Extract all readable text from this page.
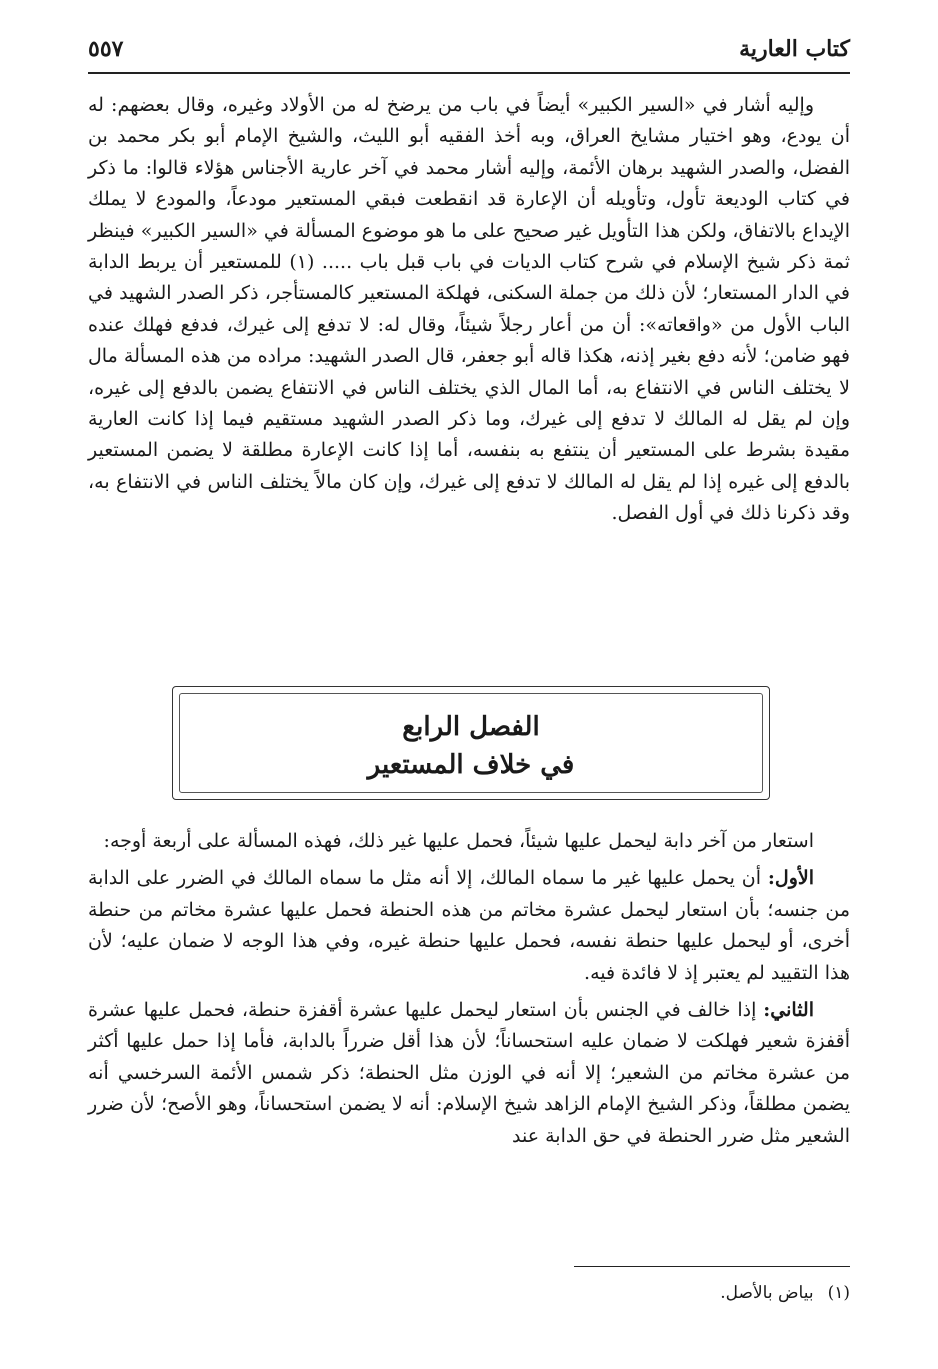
كتاب العارية
٥٥٧

وإليه أشار في «السير الكبير» أيضاً في باب من يرضخ له من الأولاد وغيره، وقال بعضهم: له أن يودع، وهو اختيار مشايخ العراق، وبه أخذ الفقيه أبو الليث، والشيخ الإمام أبو بكر محمد بن الفضل، والصدر الشهيد برهان الأئمة، وإليه أشار محمد في آخر عارية الأجناس هؤلاء قالوا: ما ذكر في كتاب الوديعة تأول، وتأويله أن الإعارة قد انقطعت فبقي المستعير مودعاً، والمودع لا يملك الإيداع بالاتفاق، ولكن هذا التأويل غير صحيح على ما هو موضوع المسألة في «السير الكبير» فينظر ثمة ذكر شيخ الإسلام في شرح كتاب الديات في باب قبل باب ..... (١) للمستعير أن يربط الدابة في الدار المستعار؛ لأن ذلك من جملة السكنى، فهلكة المستعير كالمستأجر، ذكر الصدر الشهيد في الباب الأول من «واقعاته»: أن من أعار رجلاً شيئاً، وقال له: لا تدفع إلى غيرك، فدفع فهلك عنده فهو ضامن؛ لأنه دفع بغير إذنه، هكذا قاله أبو جعفر، قال الصدر الشهيد: مراده من هذه المسألة مال لا يختلف الناس في الانتفاع به، أما المال الذي يختلف الناس في الانتفاع يضمن بالدفع إلى غيره، وإن لم يقل له المالك لا تدفع إلى غيرك، وما ذكر الصدر الشهيد مستقيم فيما إذا كانت العارية مقيدة بشرط على المستعير أن ينتفع به بنفسه، أما إذا كانت الإعارة مطلقة لا يضمن المستعير بالدفع إلى غيره إذا لم يقل له المالك لا تدفع إلى غيرك، وإن كان مالاً يختلف الناس في الانتفاع به، وقد ذكرنا ذلك في أول الفصل.

الفصل الرابع
في خلاف المستعير

استعار من آخر دابة ليحمل عليها شيئاً، فحمل عليها غير ذلك، فهذه المسألة على أربعة أوجه:

الأول: أن يحمل عليها غير ما سماه المالك، إلا أنه مثل ما سماه المالك في الضرر على الدابة من جنسه؛ بأن استعار ليحمل عشرة مخاتم من هذه الحنطة فحمل عليها عشرة مخاتم من حنطة أخرى، أو ليحمل عليها حنطة نفسه، فحمل عليها حنطة غيره، وفي هذا الوجه لا ضمان عليه؛ لأن هذا التقييد لم يعتبر إذ لا فائدة فيه.

الثاني: إذا خالف في الجنس بأن استعار ليحمل عليها عشرة أقفزة حنطة، فحمل عليها عشرة أقفزة شعير فهلكت لا ضمان عليه استحساناً؛ لأن هذا أقل ضرراً بالدابة، فأما إذا حمل عليها أكثر من عشرة مخاتم من الشعير؛ إلا أنه في الوزن مثل الحنطة؛ ذكر شمس الأئمة السرخسي أنه يضمن مطلقاً، وذكر الشيخ الإمام الزاهد شيخ الإسلام: أنه لا يضمن استحساناً، وهو الأصح؛ لأن ضرر الشعير مثل ضرر الحنطة في حق الدابة عند

(١)بياض بالأصل.
